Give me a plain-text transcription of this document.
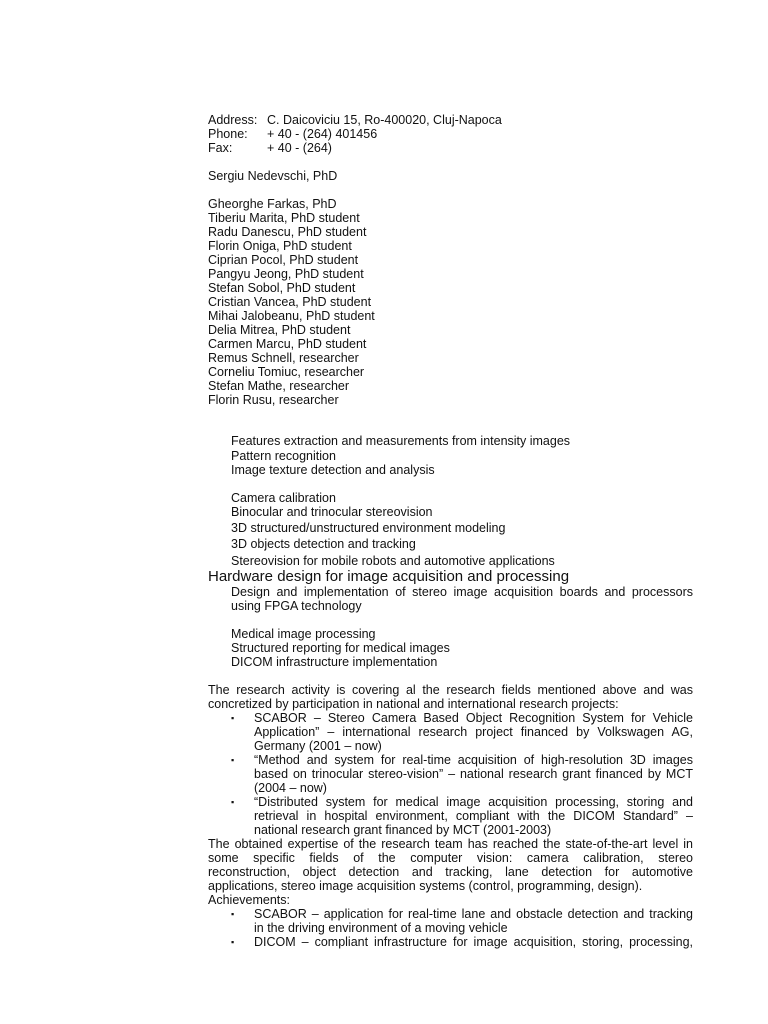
Address: C. Daicoviciu 15, Ro-400020, Cluj-Napoca
Phone: + 40 - (264) 401456
Fax:	+ 40 - (264)
Sergiu Nedevschi, PhD
Gheorghe Farkas, PhD
Tiberiu Marita, PhD student
Radu Danescu, PhD student
Florin Oniga, PhD student
Ciprian Pocol, PhD student
Pangyu Jeong, PhD student
Stefan Sobol, PhD student
Cristian Vancea, PhD student
Mihai Jalobeanu, PhD student
Delia Mitrea, PhD student
Carmen Marcu, PhD student
Remus Schnell, researcher
Corneliu Tomiuc, researcher
Stefan Mathe, researcher
Florin Rusu, researcher
Features extraction and measurements from intensity images
Pattern recognition
Image texture detection and analysis
Camera calibration
Binocular and trinocular stereovision
3D structured/unstructured environment modeling
3D objects detection and tracking
Stereovision for mobile robots and automotive applications
Hardware design for image acquisition and processing
Design and implementation of stereo image acquisition boards and processors
using FPGA technology
Medical image processing
Structured reporting for medical images
DICOM infrastructure implementation
The research activity is covering al the research fields mentioned above and was
concretized by participation in national and international research projects:
▪ SCABOR – Stereo Camera Based Object Recognition System for Vehicle
Application” – international research project financed by Volkswagen AG,
Germany (2001 – now)
▪ “Method and system for real-time acquisition of high-resolution 3D images
based on trinocular stereo-vision” – national research grant financed by MCT
(2004 – now)
▪ “Distributed system for medical image acquisition processing, storing and
retrieval in hospital environment, compliant with the DICOM Standard” –
national research grant financed by MCT (2001-2003)
The obtained expertise of the research team has reached the state-of-the-art level in
some specific fields of the computer vision: camera calibration, stereo
reconstruction, object detection and tracking, lane detection for automotive
applications, stereo image acquisition systems (control, programming, design).
Achievements:
▪ SCABOR – application for real-time lane and obstacle detection and tracking
in the driving environment of a moving vehicle
▪ DICOM – compliant infrastructure for image acquisition, storing, processing,
